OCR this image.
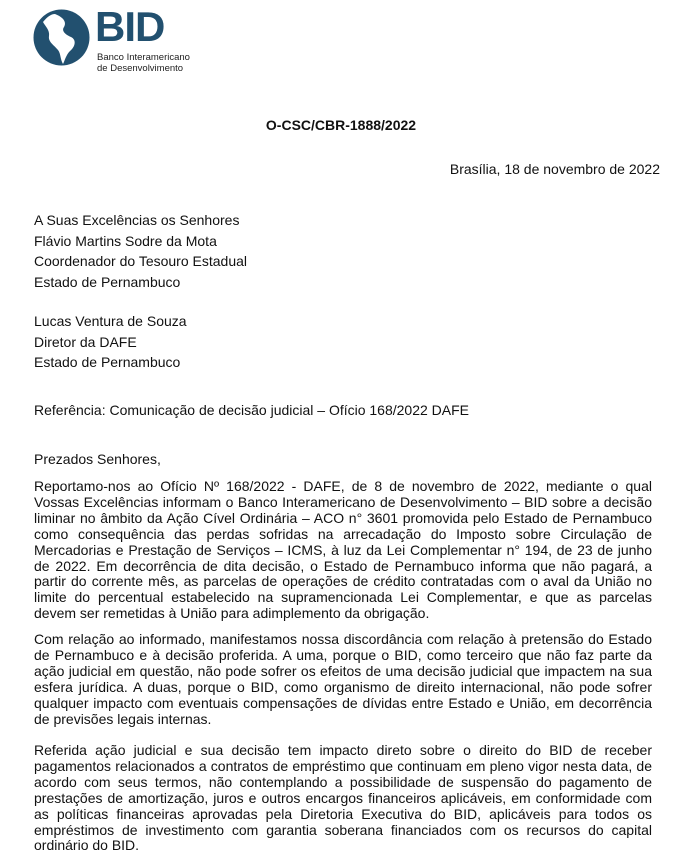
BID
Banco Interamericano
de Desenvolvimento
O-CSC/CBR-1888/2022
Brasília, 18 de novembro de 2022
A Suas Excelências os Senhores
Flávio Martins Sodre da Mota
Coordenador do Tesouro Estadual
Estado de Pernambuco
Lucas Ventura de Souza
Diretor da DAFE
Estado de Pernambuco
Referência: Comunicação de decisão judicial – Ofício 168/2022 DAFE
Prezados Senhores,

Reportamo-nos ao Ofício Nº 168/2022 - DAFE, de 8 de novembro de 2022, mediante o qual Vossas Excelências informam o Banco Interamericano de Desenvolvimento – BID sobre a decisão liminar no âmbito da Ação Cível Ordinária – ACO n° 3601 promovida pelo Estado de Pernambuco como consequência das perdas sofridas na arrecadação do Imposto sobre Circulação de Mercadorias e Prestação de Serviços – ICMS, à luz da Lei Complementar n° 194, de 23 de junho de 2022. Em decorrência de dita decisão, o Estado de Pernambuco informa que não pagará, a partir do corrente mês, as parcelas de operações de crédito contratadas com o aval da União no limite do percentual estabelecido na supramencionada Lei Complementar, e que as parcelas devem ser remetidas à União para adimplemento da obrigação.

Com relação ao informado, manifestamos nossa discordância com relação à pretensão do Estado de Pernambuco e à decisão proferida. A uma, porque o BID, como terceiro que não faz parte da ação judicial em questão, não pode sofrer os efeitos de uma decisão judicial que impactem na sua esfera jurídica. A duas, porque o BID, como organismo de direito internacional, não pode sofrer qualquer impacto com eventuais compensações de dívidas entre Estado e União, em decorrência de previsões legais internas.

Referida ação judicial e sua decisão tem impacto direto sobre o direito do BID de receber pagamentos relacionados a contratos de empréstimo que continuam em pleno vigor nesta data, de acordo com seus termos, não contemplando a possibilidade de suspensão do pagamento de prestações de amortização, juros e outros encargos financeiros aplicáveis, em conformidade com as políticas financeiras aprovadas pela Diretoria Executiva do BID, aplicáveis para todos os empréstimos de investimento com garantia soberana financiados com os recursos do capital ordinário do BID.
